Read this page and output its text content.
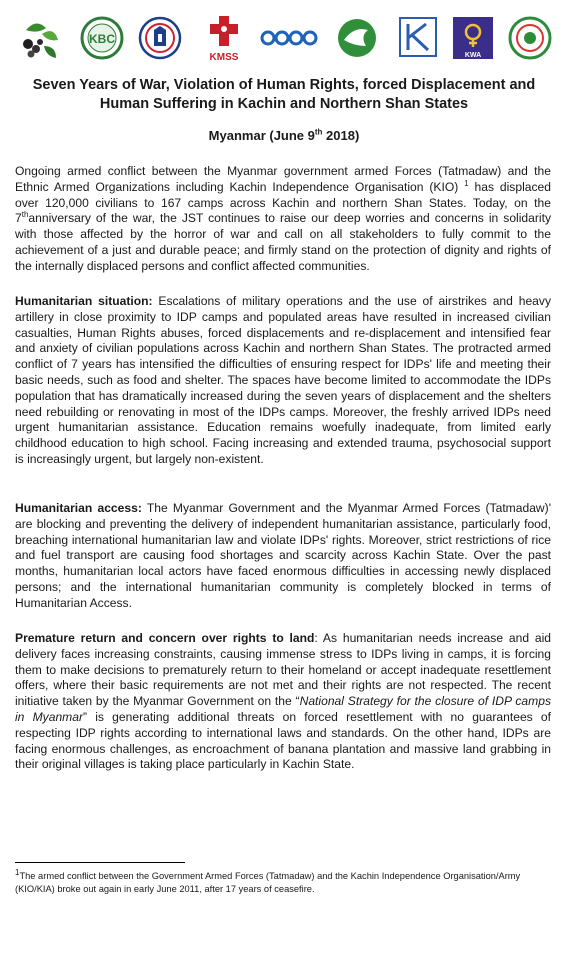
KBC
KMSS	KWA
Seven Years of War, Violation of Human Rights, forced Displacement and Human Suffering in Kachin and Northern Shan States
Myanmar (June 9th 2018)

Ongoing armed conflict between the Myanmar government armed Forces (Tatmadaw) and the Ethnic Armed Organizations including Kachin Independence Organisation (KIO) $^1$ has displaced over 120,000 civilians to 167 camps across Kachin and northern Shan States. Today, on the 7thanniversary of the war, the JST continues to raise our deep worries and concerns in solidarity with those affected by the horror of war and call on all stakeholders to fully commit to the achievement of a just and durable peace; and firmly stand on the protection of dignity and rights of the internally displaced persons and conflict affected communities.

Humanitarian situation: Escalations of military operations and the use of airstrikes and heavy artillery in close proximity to IDP camps and populated areas have resulted in increased civilian casualties, Human Rights abuses, forced displacements and re-displacement and intensified fear and anxiety of civilian populations across Kachin and northern Shan States. The protracted armed conflict of 7 years has intensified the difficulties of ensuring respect for IDPs' life and meeting their basic needs, such as food and shelter. The spaces have become limited to accommodate the IDPs population that has dramatically increased during the seven years of displacement and the shelters need rebuilding or renovating in most of the IDPs camps. Moreover, the freshly arrived IDPs need urgent humanitarian assistance. Education remains woefully inadequate, from limited early childhood education to high school. Facing increasing and extended trauma, psychosocial support is increasingly urgent, but largely non-existent.

Humanitarian access: The Myanmar Government and the Myanmar Armed Forces (Tatmadaw)' are blocking and preventing the delivery of independent humanitarian assistance, particularly food, breaching international humanitarian law and violate IDPs' rights. Moreover, strict restrictions of rice and fuel transport are causing food shortages and scarcity across Kachin State. Over the past months, humanitarian local actors have faced enormous difficulties in accessing newly displaced persons; and the international humanitarian community is completely blocked in terms of Humanitarian Access.

Premature return and concern over rights to land: As humanitarian needs increase and aid delivery faces increasing constraints, causing immense stress to IDPs living in camps, it is forcing them to make decisions to prematurely return to their homeland or accept inadequate resettlement offers, where their basic requirements are not met and their rights are not respected. The recent initiative taken by the Myanmar Government on the “National Strategy for the closure of IDP camps in Myanmar” is generating additional threats on forced resettlement with no guarantees of respecting IDP rights according to international laws and standards. On the other hand, IDPs are facing enormous challenges, as encroachment of banana plantation and massive land grabbing in their original villages is taking place particularly in Kachin State.

$^1$The armed conflict between the Government Armed Forces (Tatmadaw) and the Kachin Independence Organisation/Army (KIO/KIA) broke out again in early June 2011, after 17 years of ceasefire.
